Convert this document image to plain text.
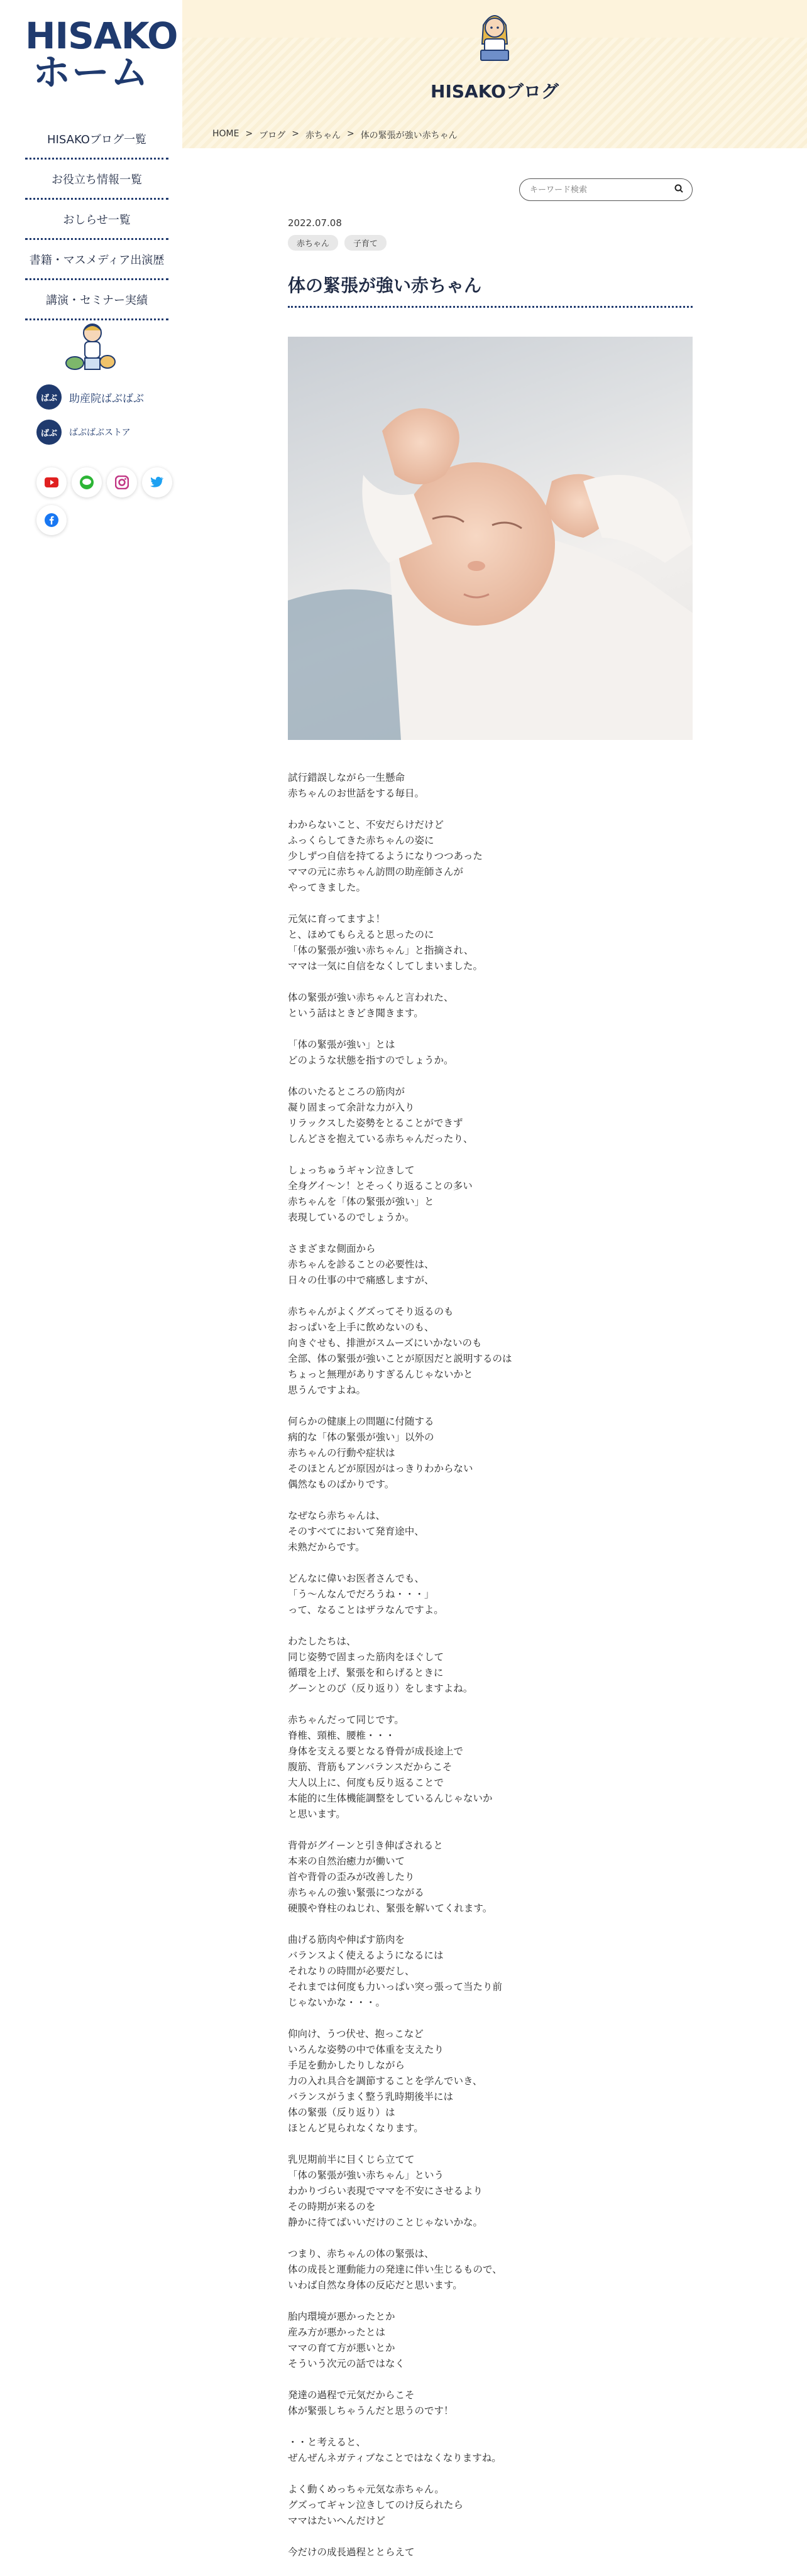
HISAKO
ホーム
HISAKOブログ一覧
お役立ち情報一覧
おしらせ一覧
書籍・マスメディア出演歴
講演・セミナー実績
ばぶ	助産院ばぶばぶ
ばぶ	ばぶばぶストア
HISAKOブログ
HOME > ブログ > 赤ちゃん > 体の緊張が強い赤ちゃん
キーワード検索
2022.07.08
赤ちゃん	子育て
体の緊張が強い赤ちゃん

試行錯誤しながら一生懸命
赤ちゃんのお世話をする毎日。

わからないこと、不安だらけだけど
ふっくらしてきた赤ちゃんの姿に
少しずつ自信を持てるようになりつつあった
ママの元に赤ちゃん訪問の助産師さんが
やってきました。

元気に育ってますよ！
と、ほめてもらえると思ったのに
「体の緊張が強い赤ちゃん」と指摘され、
ママは一気に自信をなくしてしまいました。

体の緊張が強い赤ちゃんと言われた、
という話はときどき聞きます。

「体の緊張が強い」とは
どのような状態を指すのでしょうか。

体のいたるところの筋肉が
凝り固まって余計な力が入り
リラックスした姿勢をとることができず
しんどさを抱えている赤ちゃんだったり、

しょっちゅうギャン泣きして
全身グイ～ン！とそっくり返ることの多い
赤ちゃんを「体の緊張が強い」と
表現しているのでしょうか。

さまざまな側面から
赤ちゃんを診ることの必要性は、
日々の仕事の中で痛感しますが、

赤ちゃんがよくグズってそり返るのも
おっぱいを上手に飲めないのも、
向きぐせも、排泄がスムーズにいかないのも
全部、体の緊張が強いことが原因だと説明するのは
ちょっと無理がありすぎるんじゃないかと
思うんですよね。

何らかの健康上の問題に付随する
病的な「体の緊張が強い」以外の
赤ちゃんの行動や症状は
そのほとんどが原因がはっきりわからない
偶然なものばかりです。

なぜなら赤ちゃんは、
そのすべてにおいて発育途中、
未熟だからです。

どんなに偉いお医者さんでも、
「う～んなんでだろうね・・・」
って、なることはザラなんですよ。

わたしたちは、
同じ姿勢で固まった筋肉をほぐして
循環を上げ、緊張を和らげるときに
グーンとのび（反り返り）をしますよね。

赤ちゃんだって同じです。
脊椎、頸椎、腰椎・・・
身体を支える要となる脊骨が成長途上で
腹筋、背筋もアンバランスだからこそ
大人以上に、何度も反り返ることで
本能的に生体機能調整をしているんじゃないか
と思います。

背骨がグイーンと引き伸ばされると
本来の自然治癒力が働いて
首や背骨の歪みが改善したり
赤ちゃんの強い緊張につながる
硬膜や脊柱のねじれ、緊張を解いてくれます。

曲げる筋肉や伸ばす筋肉を
バランスよく使えるようになるには
それなりの時間が必要だし、
それまでは何度も力いっぱい突っ張って当たり前
じゃないかな・・・。

仰向け、うつ伏せ、抱っこなど
いろんな姿勢の中で体重を支えたり
手足を動かしたりしながら
力の入れ具合を調節することを学んでいき、
バランスがうまく整う乳時期後半には
体の緊張（反り返り）は
ほとんど見られなくなります。

乳児期前半に目くじら立てて
「体の緊張が強い赤ちゃん」という
わかりづらい表現でママを不安にさせるより
その時期が来るのを
静かに待てばいいだけのことじゃないかな。

つまり、赤ちゃんの体の緊張は、
体の成長と運動能力の発達に伴い生じるもので、
いわば自然な身体の反応だと思います。

胎内環境が悪かったとか
産み方が悪かったとは
ママの育て方が悪いとか
そういう次元の話ではなく

発達の過程で元気だからこそ
体が緊張しちゃうんだと思うのです！

・・と考えると、
ぜんぜんネガティブなことではなくなりますね。

よく動くめっちゃ元気な赤ちゃん。
グズってギャン泣きしてのけ反られたら
ママはたいへんだけど

今だけの成長過程ととらえて
